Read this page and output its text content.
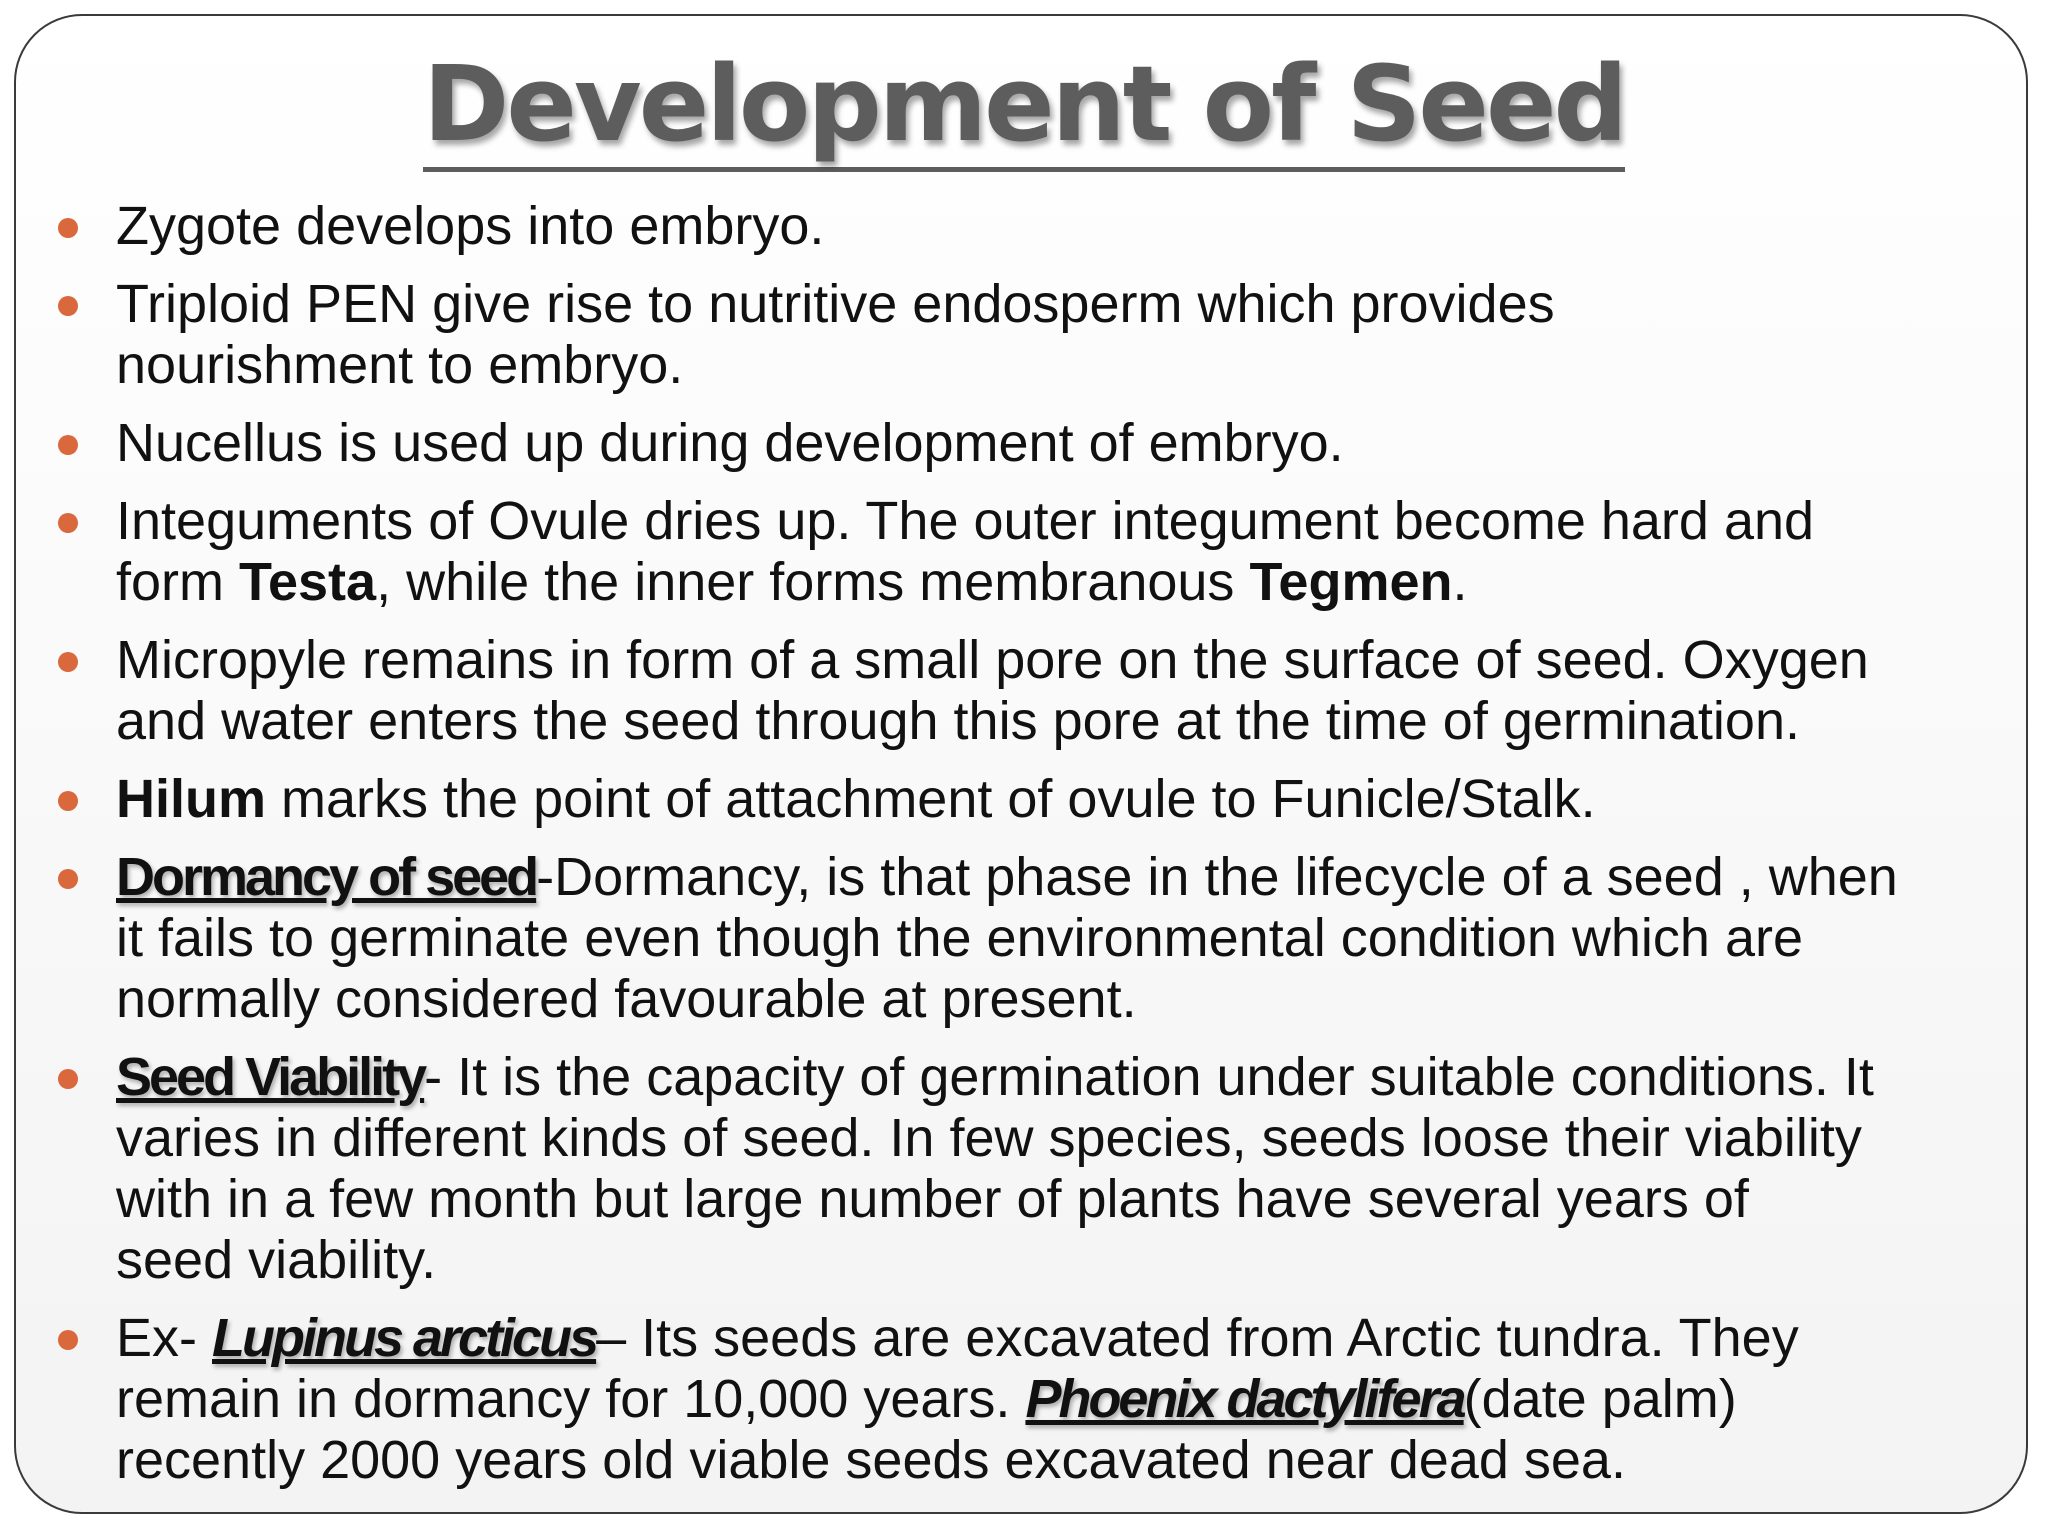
Development of Seed
Zygote develops into embryo.
Triploid PEN give rise to nutritive endosperm which provides
nourishment to embryo.
Nucellus is used up during development of embryo.
Integuments of Ovule dries up. The outer integument become hard and
form Testa, while the inner forms membranous Tegmen.
Micropyle remains in form of a small pore on the surface of seed. Oxygen
and water enters the seed through this pore at the time of germination.
Hilum marks the point of attachment of ovule to Funicle/Stalk.
Dormancy of seed-Dormancy, is that phase in the lifecycle of a seed , when
it fails to germinate even though the environmental condition which are
normally considered favourable at present.
Seed Viability- It is the capacity of germination under suitable conditions. It
varies in different kinds of seed. In few species, seeds loose their viability
with in a few month but large number of plants have several years of
seed viability.
Ex- Lupinus arcticus– Its seeds are excavated from Arctic tundra. They
remain in dormancy for 10,000 years. Phoenix dactylifera(date palm)
recently 2000 years old viable seeds excavated near dead sea.
